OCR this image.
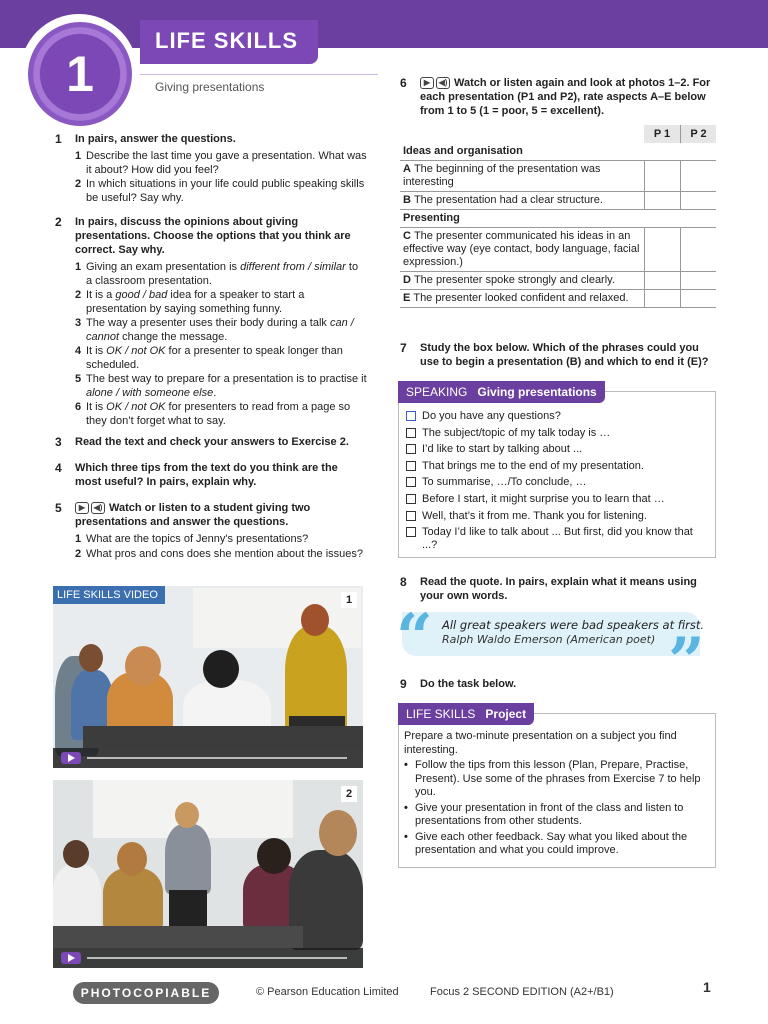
1
LIFE SKILLS
Giving presentations
1 In pairs, answer the questions.
1 Describe the last time you gave a presentation. What was it about? How did you feel?
2 In which situations in your life could public speaking skills be useful? Say why.
2 In pairs, discuss the opinions about giving presentations. Choose the options that you think are correct. Say why.
1 Giving an exam presentation is different from / similar to a classroom presentation.
2 It is a good / bad idea for a speaker to start a presentation by saying something funny.
3 The way a presenter uses their body during a talk can / cannot change the message.
4 It is OK / not OK for a presenter to speak longer than scheduled.
5 The best way to prepare for a presentation is to practise it alone / with someone else.
6 It is OK / not OK for presenters to read from a page so they don’t forget what to say.
3 Read the text and check your answers to Exercise 2.
4 Which three tips from the text do you think are the most useful? In pairs, explain why.
5	▶	◀) Watch or listen to a student giving two presentations and answer the questions.
1 What are the topics of Jenny's presentations?
2 What pros and cons does she mention about the issues?
LIFE SKILLS VIDEO	1
2
6	▶	◀) Watch or listen again and look at photos 1–2. For each presentation (P1 and P2), rate aspects A–E below from 1 to 5 (1 = poor, 5 = excellent).
P 1	P 2
Ideas and organisation		
A The beginning of the presentation was interesting		
B The presentation had a clear structure.		
Presenting		
C The presenter communicated his ideas in an effective way (eye contact, body language, facial expression.)		
D The presenter spoke strongly and clearly.		
E The presenter looked confident and relaxed.		
7 Study the box below. Which of the phrases could you use to begin a presentation (B) and which to end it (E)?
SPEAKING Giving presentations
Do you have any questions?
The subject/topic of my talk today is …
I’d like to start by talking about ...
That brings me to the end of my presentation.
To summarise, …/To conclude, …
Before I start, it might surprise you to learn that …
Well, that’s it from me. Thank you for listening.
Today I’d like to talk about ... But first, did you know that ...?
8 Read the quote. In pairs, explain what it means using your own words.
“	”
All great speakers were bad speakers at first.
Ralph Waldo Emerson (American poet)
9 Do the task below.
LIFE SKILLS Project
Prepare a two-minute presentation on a subject you find interesting.
• Follow the tips from this lesson (Plan, Prepare, Practise, Present). Use some of the phrases from Exercise 7 to help you.
• Give your presentation in front of the class and listen to presentations from other students.
• Give each other feedback. Say what you liked about the presentation and what you could improve.
PHOTOCOPIABLE	© Pearson Education Limited	Focus 2 SECOND EDITION (A2+/B1)	1
